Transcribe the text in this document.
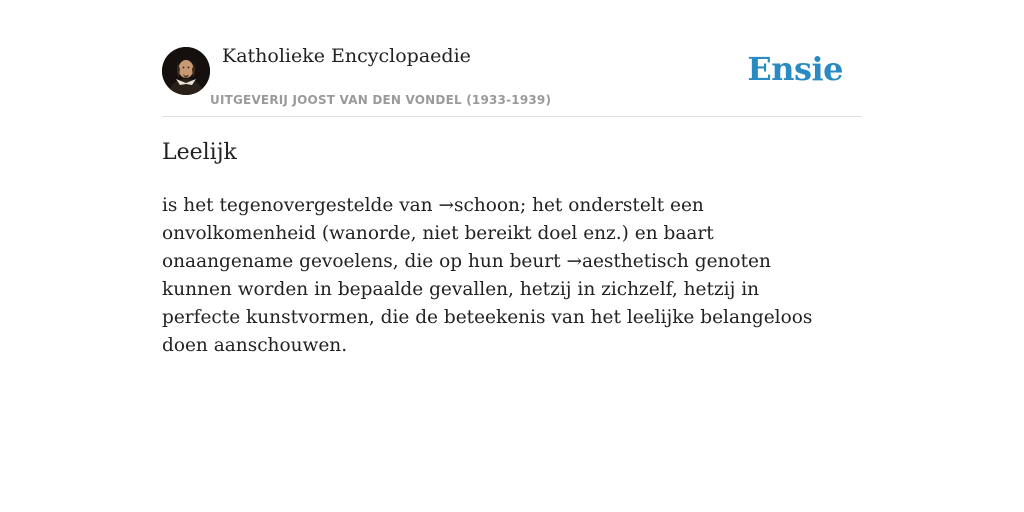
Katholieke Encyclopaedie
UITGEVERIJ JOOST VAN DEN VONDEL (1933-1939)
Ensie
Leelijk

is het tegenovergestelde van →schoon; het onderstelt een onvolkomenheid (wanorde, niet bereikt doel enz.) en baart onaangename gevoelens, die op hun beurt →aesthetisch genoten kunnen worden in bepaalde gevallen, hetzij in zichzelf, hetzij in perfecte kunstvormen, die de beteekenis van het leelijke belangeloos doen aanschouwen.
